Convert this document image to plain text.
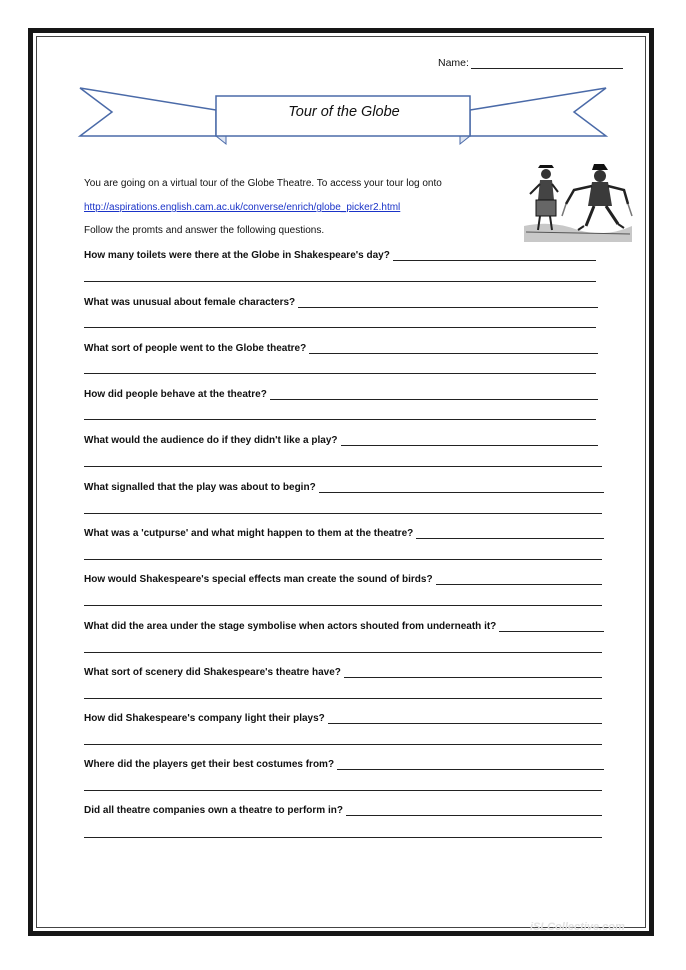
Name:
Tour of the Globe
You are going on a virtual tour of the Globe Theatre. To access your tour log onto
http://aspirations.english.cam.ac.uk/converse/enrich/globe_picker2.html
Follow the promts and answer the following questions.
How many toilets were there at the Globe in Shakespeare's day?
What was unusual about female characters?
What sort of people went to the Globe theatre?
How did people behave at the theatre?
What would the audience do if they didn't like a play?
What signalled that the play was about to begin?
What was a 'cutpurse' and what might happen to them at the theatre?
How would Shakespeare's special effects man create the sound of birds?
What did the area under the stage symbolise when actors shouted from underneath it?
What sort of scenery did Shakespeare's theatre have?
How did Shakespeare's company light their plays?
Where did the players get their best costumes from?
Did all theatre companies own a theatre to perform in?
iSLCollective.com
